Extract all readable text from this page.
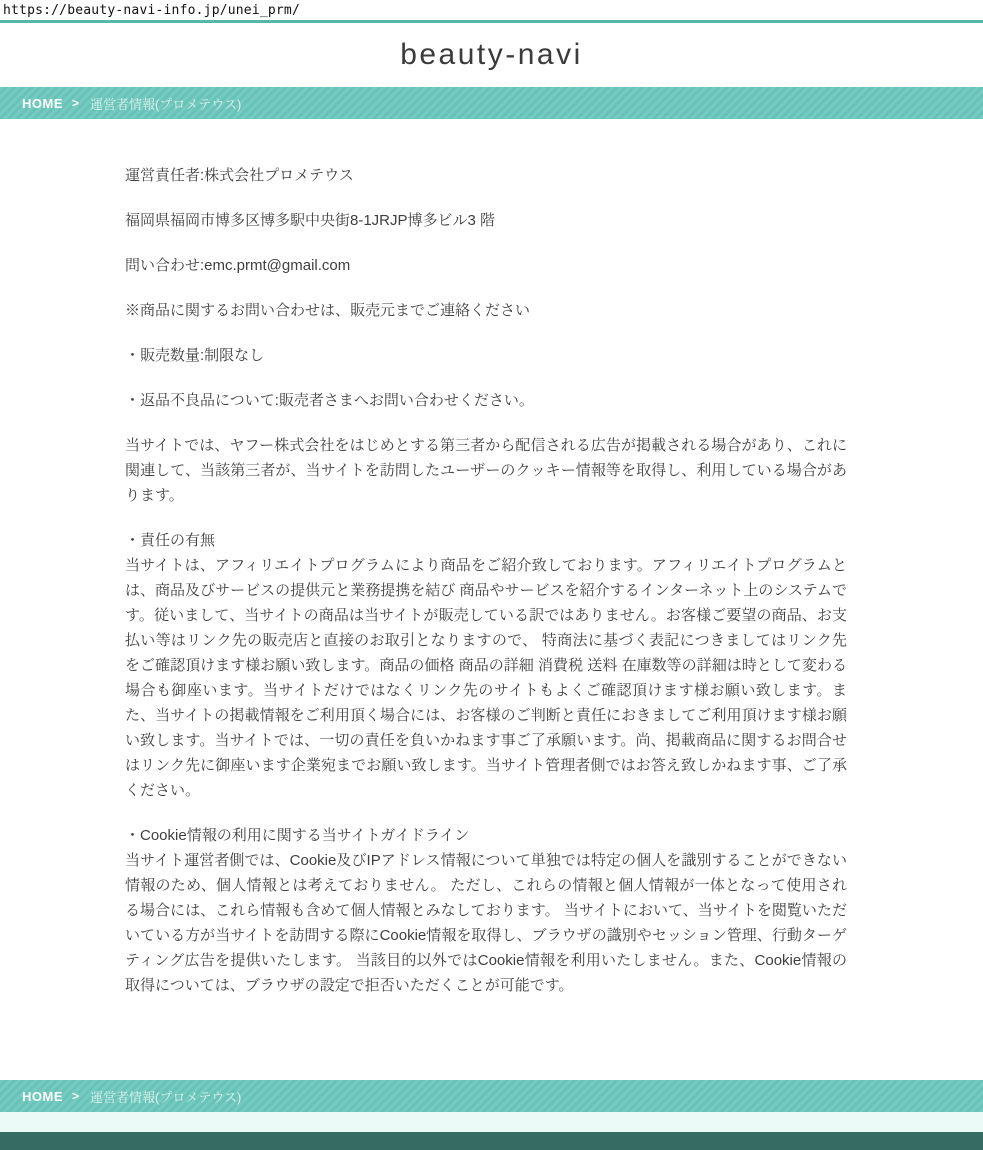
https://beauty-navi-info.jp/unei_prm/
beauty-navi
HOME > 運営者情報(プロメテウス)

運営責任者:株式会社プロメテウス

福岡県福岡市博多区博多駅中央街8-1JRJP博多ビル3 階

問い合わせ:emc.prmt@gmail.com

※商品に関するお問い合わせは、販売元までご連絡ください

・販売数量:制限なし

・返品不良品について:販売者さまへお問い合わせください。

当サイトでは、ヤフー株式会社をはじめとする第三者から配信される広告が掲載される場合があり、これに関連して、当該第三者が、当サイトを訪問したユーザーのクッキー情報等を取得し、利用している場合があります。

・責任の有無
当サイトは、アフィリエイトプログラムにより商品をご紹介致しております。アフィリエイトプログラムとは、商品及びサービスの提供元と業務提携を結び 商品やサービスを紹介するインターネット上のシステムです。従いまして、当サイトの商品は当サイトが販売している訳ではありません。お客様ご要望の商品、お支払い等はリンク先の販売店と直接のお取引となりますので、 特商法に基づく表記につきましてはリンク先をご確認頂けます様お願い致します。商品の価格 商品の詳細 消費税 送料 在庫数等の詳細は時として変わる場合も御座います。当サイトだけではなくリンク先のサイトもよくご確認頂けます様お願い致します。また、当サイトの掲載情報をご利用頂く場合には、お客様のご判断と責任におきましてご利用頂けます様お願い致します。当サイトでは、一切の責任を負いかねます事ご了承願います。尚、掲載商品に関するお問合せはリンク先に御座います企業宛までお願い致します。当サイト管理者側ではお答え致しかねます事、ご了承ください。

・Cookie情報の利用に関する当サイトガイドライン
当サイト運営者側では、Cookie及びIPアドレス情報について単独では特定の個人を識別することができない情報のため、個人情報とは考えておりません。 ただし、これらの情報と個人情報が一体となって使用される場合には、これら情報も含めて個人情報とみなしております。 当サイトにおいて、当サイトを閲覧いただいている方が当サイトを訪問する際にCookie情報を取得し、ブラウザの識別やセッション管理、行動ターゲティング広告を提供いたします。 当該目的以外ではCookie情報を利用いたしません。また、Cookie情報の取得については、ブラウザの設定で拒否いただくことが可能です。

HOME > 運営者情報(プロメテウス)
